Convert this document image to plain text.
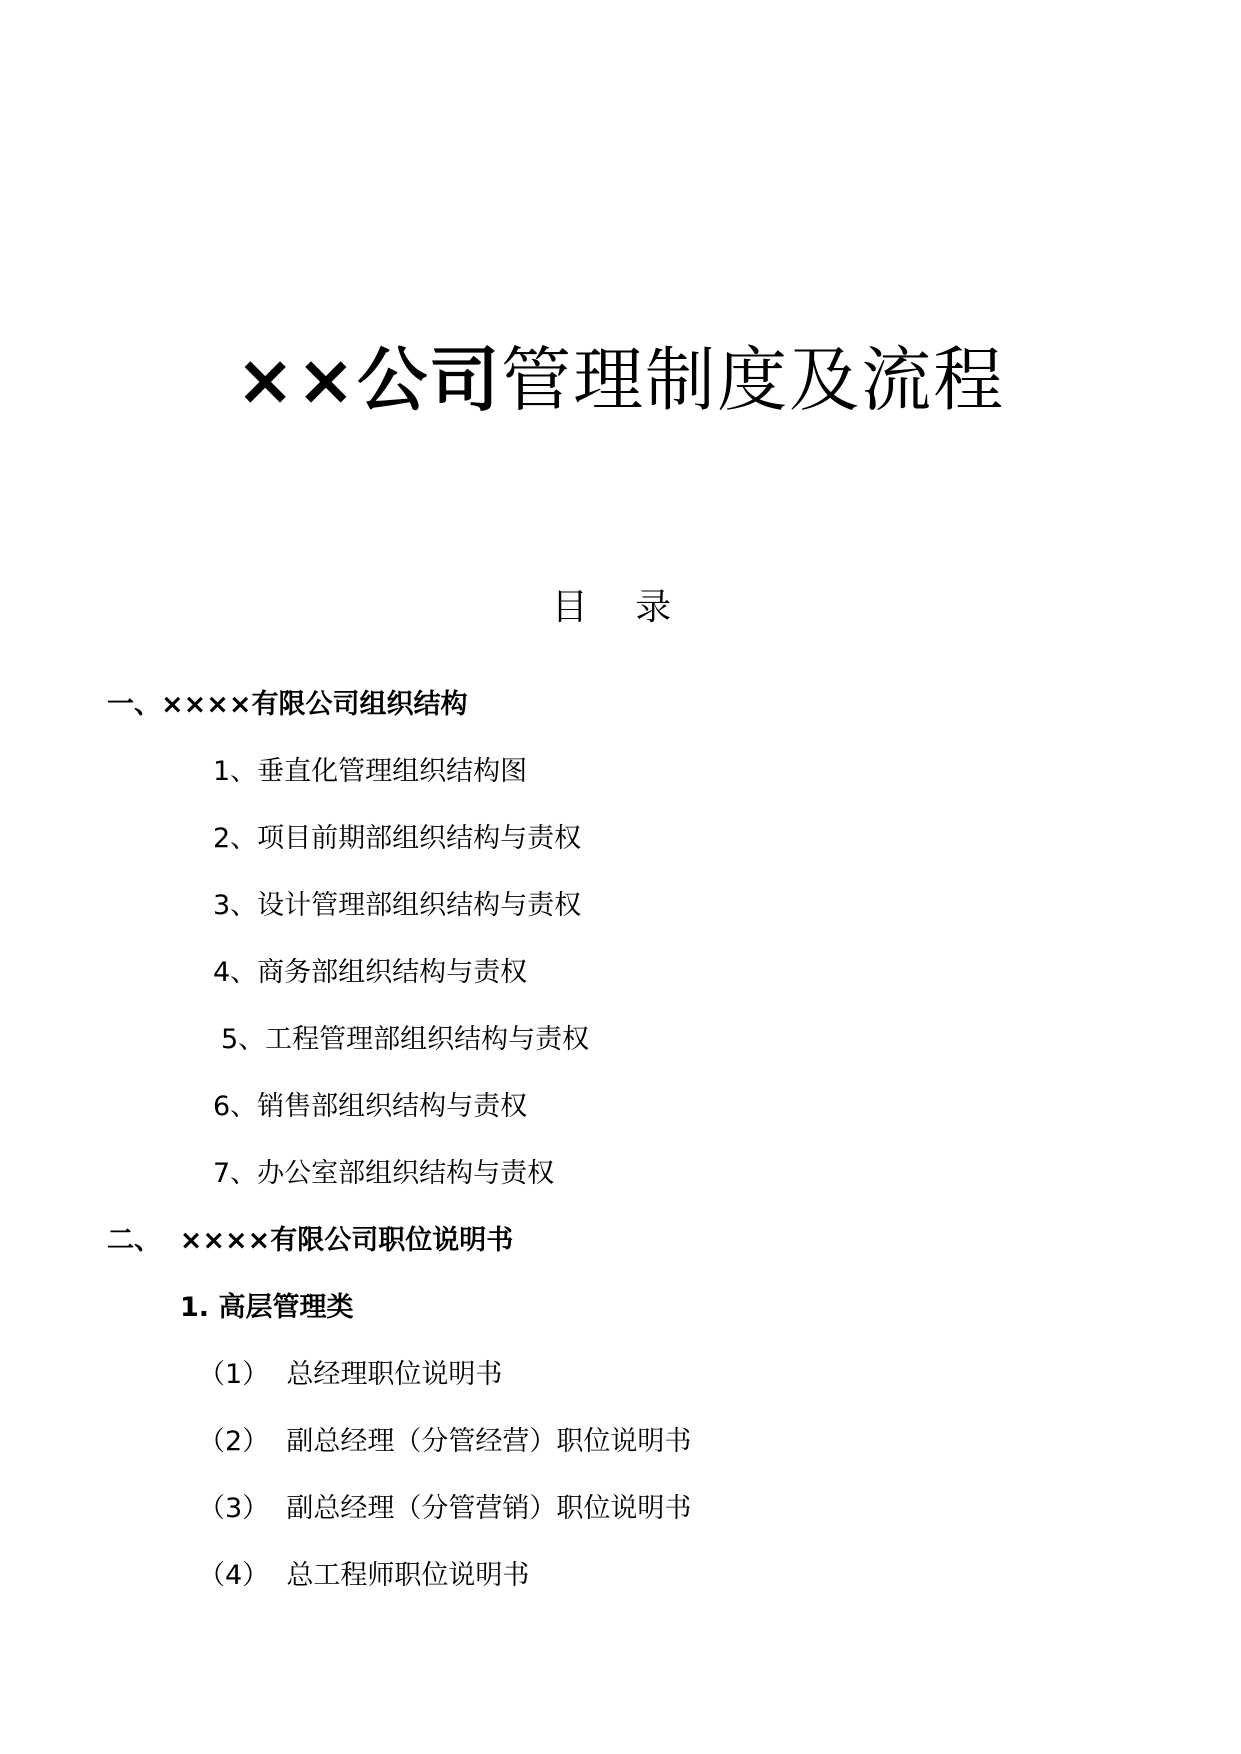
××公司管理制度及流程
目 录
一、××××有限公司组织结构
1、垂直化管理组织结构图
2、项目前期部组织结构与责权
3、设计管理部组织结构与责权
4、商务部组织结构与责权
5、工程管理部组织结构与责权
6、销售部组织结构与责权
7、办公室部组织结构与责权
二、  ××××有限公司职位说明书
1. 高层管理类
（1）  总经理职位说明书
（2）  副总经理（分管经营）职位说明书
（3）  副总经理（分管营销）职位说明书
（4）  总工程师职位说明书
